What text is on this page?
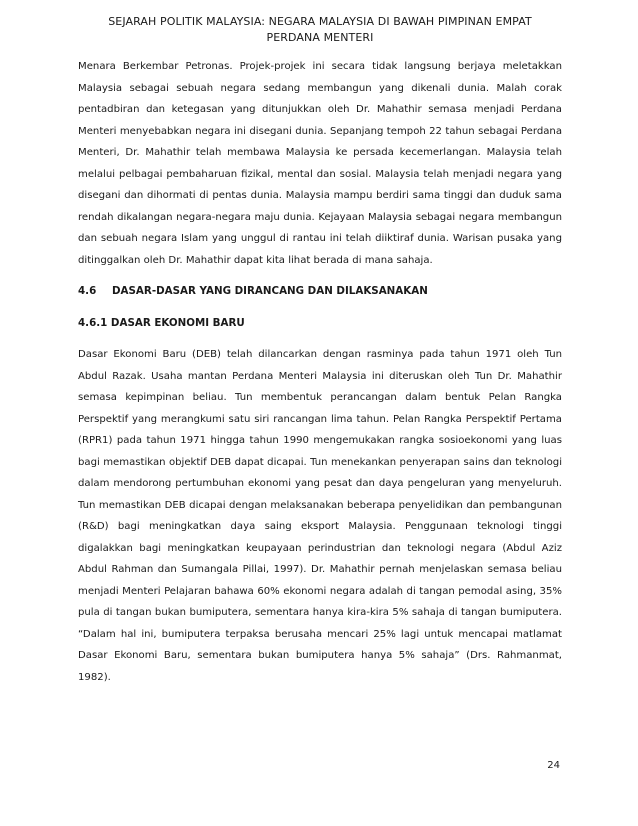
SEJARAH POLITIK MALAYSIA: NEGARA MALAYSIA DI BAWAH PIMPINAN EMPAT
PERDANA MENTERI

Menara Berkembar Petronas. Projek-projek ini secara tidak langsung berjaya meletakkan Malaysia sebagai sebuah negara sedang membangun yang dikenali dunia. Malah corak pentadbiran dan ketegasan yang ditunjukkan oleh Dr. Mahathir semasa menjadi Perdana Menteri menyebabkan negara ini disegani dunia. Sepanjang tempoh 22 tahun sebagai Perdana Menteri, Dr. Mahathir telah membawa Malaysia ke persada kecemerlangan. Malaysia telah melalui pelbagai pembaharuan fizikal, mental dan sosial. Malaysia telah menjadi negara yang disegani dan dihormati di pentas dunia. Malaysia mampu berdiri sama tinggi dan duduk sama rendah dikalangan negara-negara maju dunia. Kejayaan Malaysia sebagai negara membangun dan sebuah negara Islam yang unggul di rantau ini telah diiktiraf dunia. Warisan pusaka yang ditinggalkan oleh Dr. Mahathir dapat kita lihat berada di mana sahaja.

4.6 DASAR-DASAR YANG DIRANCANG DAN DILAKSANAKAN
4.6.1 DASAR EKONOMI BARU

Dasar Ekonomi Baru (DEB) telah dilancarkan dengan rasminya pada tahun 1971 oleh Tun Abdul Razak. Usaha mantan Perdana Menteri Malaysia ini diteruskan oleh Tun Dr. Mahathir semasa kepimpinan beliau. Tun membentuk perancangan dalam bentuk Pelan Rangka Perspektif yang merangkumi satu siri rancangan lima tahun. Pelan Rangka Perspektif Pertama (RPR1) pada tahun 1971 hingga tahun 1990 mengemukakan rangka sosioekonomi yang luas bagi memastikan objektif DEB dapat dicapai. Tun menekankan penyerapan sains dan teknologi dalam mendorong pertumbuhan ekonomi yang pesat dan daya pengeluran yang menyeluruh. Tun memastikan DEB dicapai dengan melaksanakan beberapa penyelidikan dan pembangunan (R&D) bagi meningkatkan daya saing eksport Malaysia. Penggunaan teknologi tinggi digalakkan bagi meningkatkan keupayaan perindustrian dan teknologi negara (Abdul Aziz Abdul Rahman dan Sumangala Pillai, 1997). Dr. Mahathir pernah menjelaskan semasa beliau menjadi Menteri Pelajaran bahawa 60% ekonomi negara adalah di tangan pemodal asing, 35% pula di tangan bukan bumiputera, sementara hanya kira-kira 5% sahaja di tangan bumiputera. “Dalam hal ini, bumiputera terpaksa berusaha mencari 25% lagi untuk mencapai matlamat Dasar Ekonomi Baru, sementara bukan bumiputera hanya 5% sahaja” (Drs. Rahmanmat, 1982).

24
